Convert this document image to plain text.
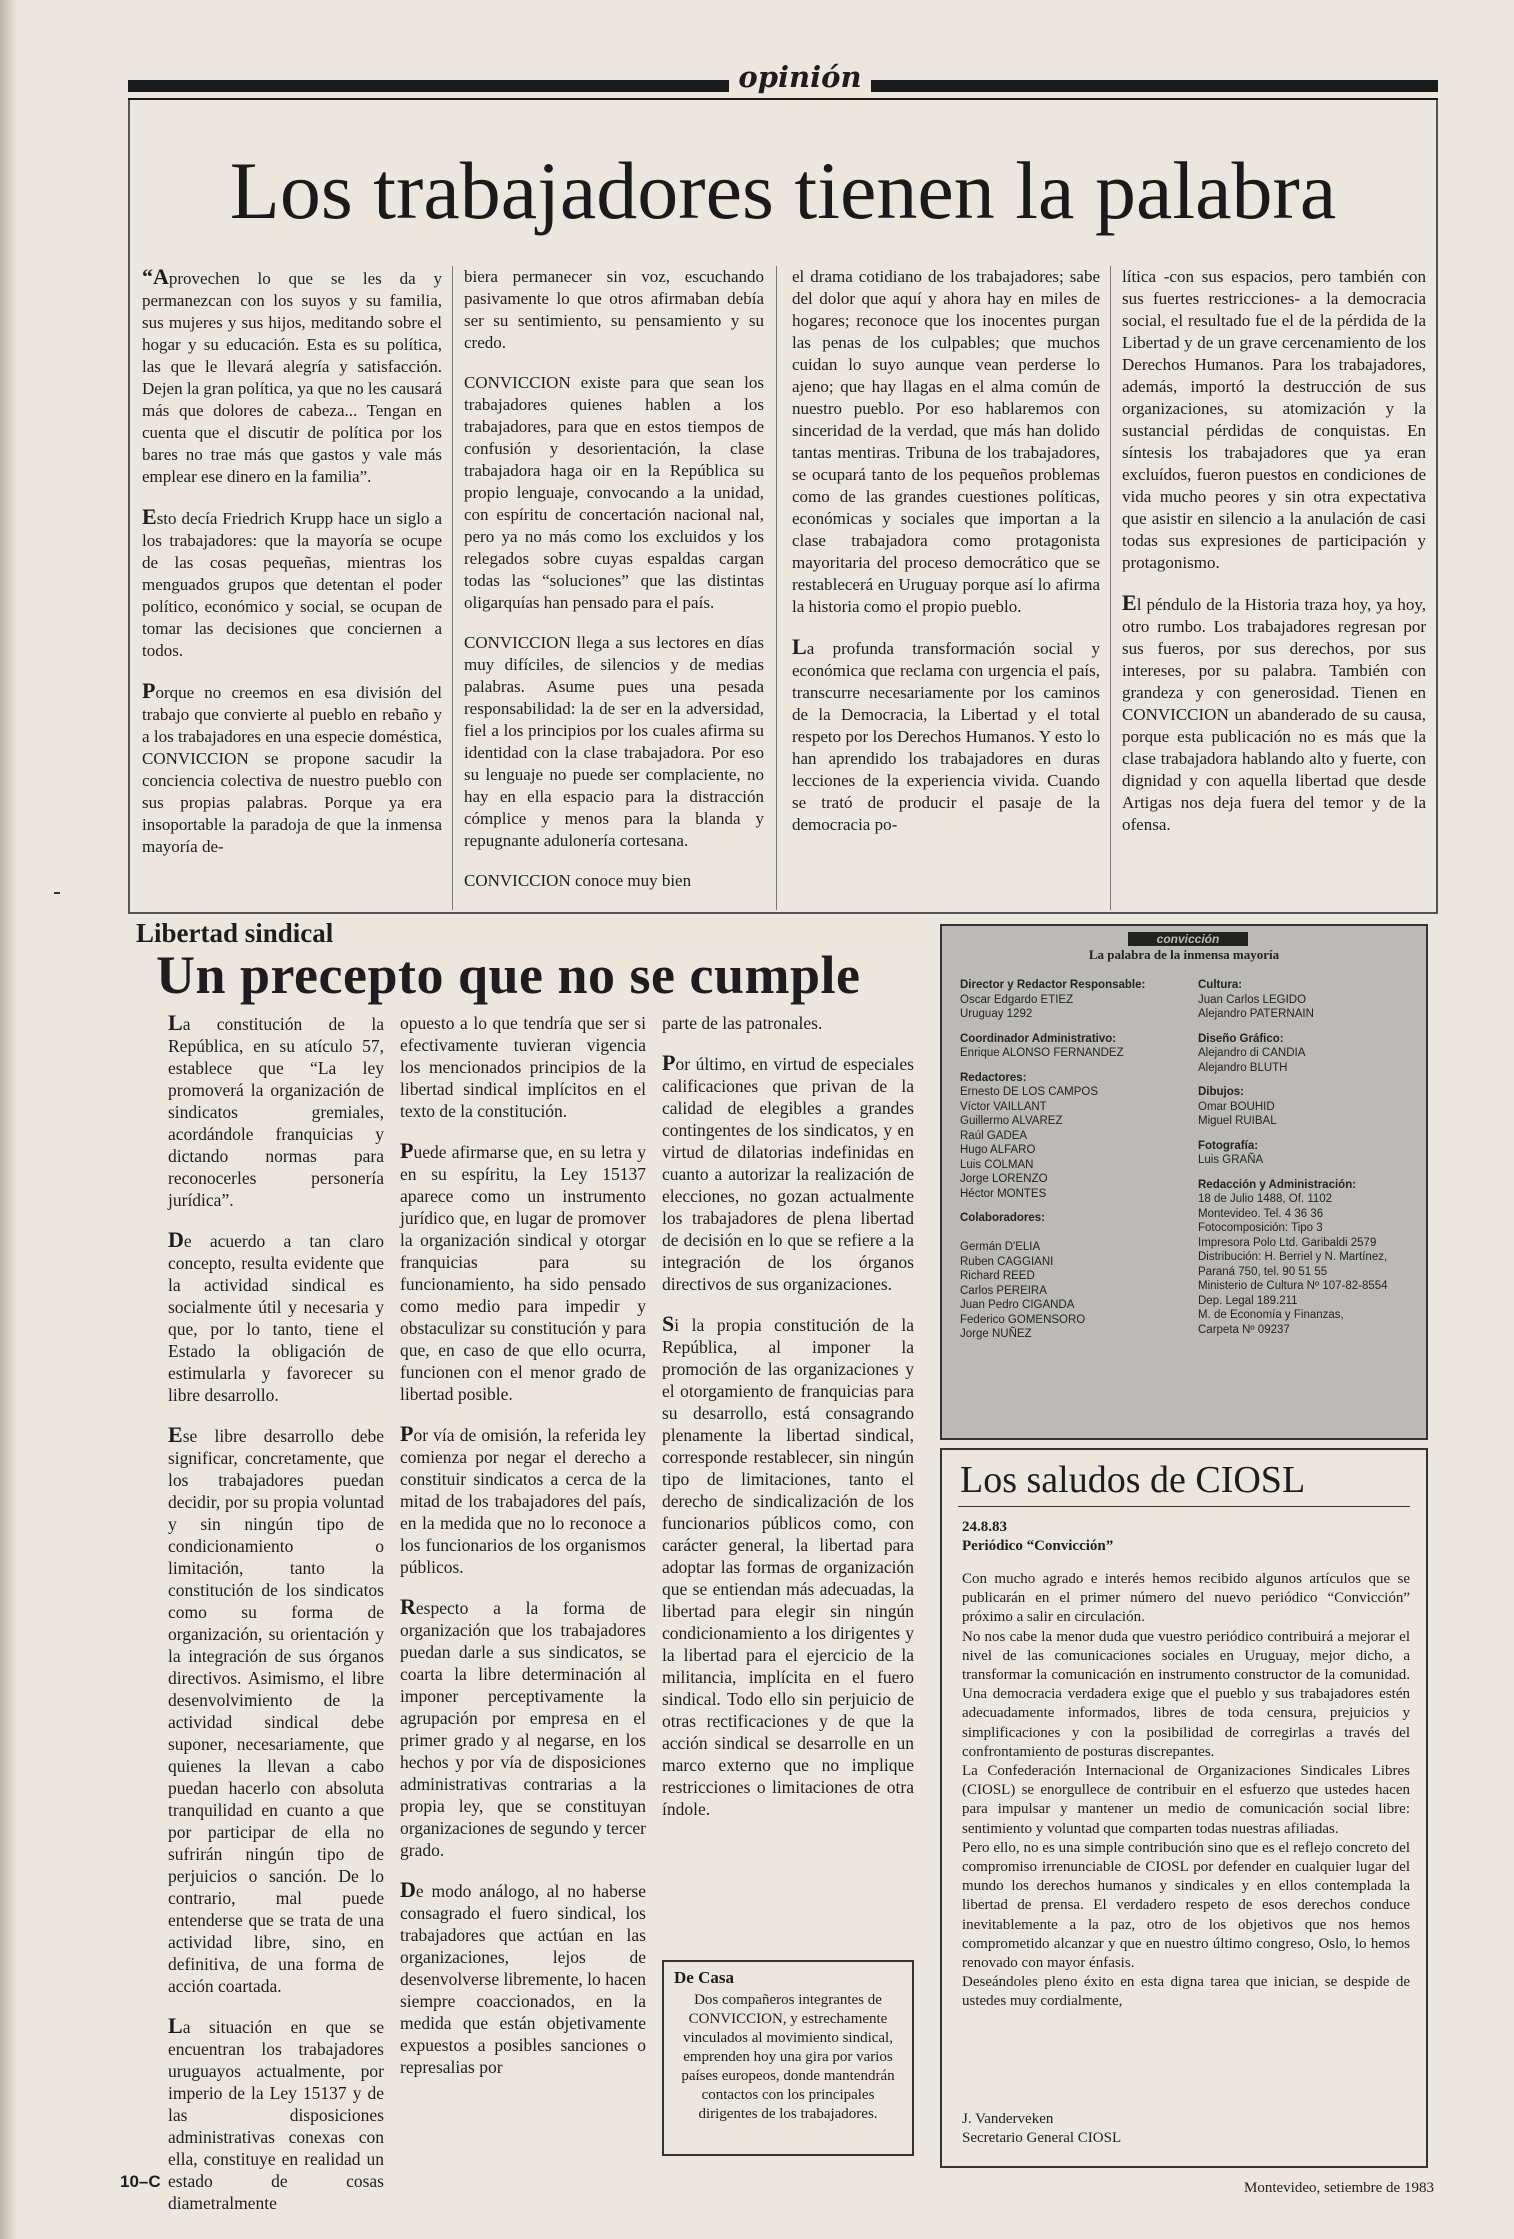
opinión
Los trabajadores tienen la palabra

“Aprovechen lo que se les da y permanezcan con los suyos y su familia, sus mujeres y sus hijos, meditando sobre el hogar y su educación. Esta es su política, las que le llevará alegría y satisfacción. Dejen la gran política, ya que no les causará más que dolores de cabeza... Tengan en cuenta que el discutir de política por los bares no trae más que gastos y vale más emplear ese dinero en la familia”.

Esto decía Friedrich Krupp hace un siglo a los trabajadores: que la mayoría se ocupe de las cosas pequeñas, mientras los menguados grupos que detentan el poder político, económico y social, se ocupan de tomar las decisiones que conciernen a todos.

Porque no creemos en esa división del trabajo que convierte al pueblo en rebaño y a los trabajadores en una especie doméstica, CONVICCION se propone sacudir la conciencia colectiva de nuestro pueblo con sus propias palabras. Porque ya era insoportable la paradoja de que la inmensa mayoría de-

biera permanecer sin voz, escuchando pasivamente lo que otros afirmaban debía ser su sentimiento, su pensamiento y su credo.

CONVICCION existe para que sean los trabajadores quienes hablen a los trabajadores, para que en estos tiempos de confusión y desorientación, la clase trabajadora haga oir en la República su propio lenguaje, convocando a la unidad, con espíritu de concertación nacional nal, pero ya no más como los excluidos y los relegados sobre cuyas espaldas cargan todas las “soluciones” que las distintas oligarquías han pensado para el país.

CONVICCION llega a sus lectores en días muy difíciles, de silencios y de medias palabras. Asume pues una pesada responsabilidad: la de ser en la adversidad, fiel a los principios por los cuales afirma su identidad con la clase trabajadora. Por eso su lenguaje no puede ser complaciente, no hay en ella espacio para la distracción cómplice y menos para la blanda y repugnante adulonería cortesana.

CONVICCION conoce muy bien

el drama cotidiano de los trabajadores; sabe del dolor que aquí y ahora hay en miles de hogares; reconoce que los inocentes purgan las penas de los culpables; que muchos cuidan lo suyo aunque vean perderse lo ajeno; que hay llagas en el alma común de nuestro pueblo. Por eso hablaremos con sinceridad de la verdad, que más han dolido tantas mentiras. Tribuna de los trabajadores, se ocupará tanto de los pequeños problemas como de las grandes cuestiones políticas, económicas y sociales que importan a la clase trabajadora como protagonista mayoritaria del proceso democrático que se restablecerá en Uruguay porque así lo afirma la historia como el propio pueblo.

La profunda transformación social y económica que reclama con urgencia el país, transcurre necesariamente por los caminos de la Democracia, la Libertad y el total respeto por los Derechos Humanos. Y esto lo han aprendido los trabajadores en duras lecciones de la experiencia vivida. Cuando se trató de producir el pasaje de la democracia po-

lítica -con sus espacios, pero también con sus fuertes restricciones- a la democracia social, el resultado fue el de la pérdida de la Libertad y de un grave cercenamiento de los Derechos Humanos. Para los trabajadores, además, importó la destrucción de sus organizaciones, su atomización y la sustancial pérdidas de conquistas. En síntesis los trabajadores que ya eran excluídos, fueron puestos en condiciones de vida mucho peores y sin otra expectativa que asistir en silencio a la anulación de casi todas sus expresiones de participación y protagonismo.

El péndulo de la Historia traza hoy, ya hoy, otro rumbo. Los trabajadores regresan por sus fueros, por sus derechos, por sus intereses, por su palabra. También con grandeza y con generosidad. Tienen en CONVICCION un abanderado de su causa, porque esta publicación no es más que la clase trabajadora hablando alto y fuerte, con dignidad y con aquella libertad que desde Artigas nos deja fuera del temor y de la ofensa.

Libertad sindical
Un precepto que no se cumple

La constitución de la República, en su atículo 57, establece que “La ley promoverá la organización de sindicatos gremiales, acordándole franquicias y dictando normas para reconocerles personería jurídica”.

De acuerdo a tan claro concepto, resulta evidente que la actividad sindical es socialmente útil y necesaria y que, por lo tanto, tiene el Estado la obligación de estimularla y favorecer su libre desarrollo.

Ese libre desarrollo debe significar, concretamente, que los trabajadores puedan decidir, por su propia voluntad y sin ningún tipo de condicionamiento o limitación, tanto la constitución de los sindicatos como su forma de organización, su orientación y la integración de sus órganos directivos. Asimismo, el libre desenvolvimiento de la actividad sindical debe suponer, necesariamente, que quienes la llevan a cabo puedan hacerlo con absoluta tranquilidad en cuanto a que por participar de ella no sufrirán ningún tipo de perjuicios o sanción. De lo contrario, mal puede entenderse que se trata de una actividad libre, sino, en definitiva, de una forma de acción coartada.

La situación en que se encuentran los trabajadores uruguayos actualmente, por imperio de la Ley 15137 y de las disposiciones administrativas conexas con ella, constituye en realidad un estado de cosas diametralmente

opuesto a lo que tendría que ser si efectivamente tuvieran vigencia los mencionados principios de la libertad sindical implícitos en el texto de la constitución.

Puede afirmarse que, en su letra y en su espíritu, la Ley 15137 aparece como un instrumento jurídico que, en lugar de promover la organización sindical y otorgar franquicias para su funcionamiento, ha sido pensado como medio para impedir y obstaculizar su constitución y para que, en caso de que ello ocurra, funcionen con el menor grado de libertad posible.

Por vía de omisión, la referida ley comienza por negar el derecho a constituir sindicatos a cerca de la mitad de los trabajadores del país, en la medida que no lo reconoce a los funcionarios de los organismos públicos.

Respecto a la forma de organización que los trabajadores puedan darle a sus sindicatos, se coarta la libre determinación al imponer perceptivamente la agrupación por empresa en el primer grado y al negarse, en los hechos y por vía de disposiciones administrativas contrarias a la propia ley, que se constituyan organizaciones de segundo y tercer grado.

De modo análogo, al no haberse consagrado el fuero sindical, los trabajadores que actúan en las organizaciones, lejos de desenvolverse libremente, lo hacen siempre coaccionados, en la medida que están objetivamente expuestos a posibles sanciones o represalias por

parte de las patronales.

Por último, en virtud de especiales calificaciones que privan de la calidad de elegibles a grandes contingentes de los sindicatos, y en virtud de dilatorias indefinidas en cuanto a autorizar la realización de elecciones, no gozan actualmente los trabajadores de plena libertad de decisión en lo que se refiere a la integración de los órganos directivos de sus organizaciones.

Si la propia constitución de la República, al imponer la promoción de las organizaciones y el otorgamiento de franquicias para su desarrollo, está consagrando plenamente la libertad sindical, corresponde restablecer, sin ningún tipo de limitaciones, tanto el derecho de sindicalización de los funcionarios públicos como, con carácter general, la libertad para adoptar las formas de organización que se entiendan más adecuadas, la libertad para elegir sin ningún condicionamiento a los dirigentes y la libertad para el ejercicio de la militancia, implícita en el fuero sindical. Todo ello sin perjuicio de otras rectificaciones y de que la acción sindical se desarrolle en un marco externo que no implique restricciones o limitaciones de otra índole.

De Casa
Dos compañeros integrantes de CONVICCION, y estrechamente vinculados al movimiento sindical, emprenden hoy una gira por varios países europeos, donde mantendrán contactos con los principales dirigentes de los trabajadores.
convicción
La palabra de la inmensa mayoría
Director y Redactor Responsable:
Oscar Edgardo ETIEZ
Uruguay 1292
Coordinador Administrativo:
Enrique ALONSO FERNANDEZ
Redactores:
Ernesto DE LOS CAMPOS
Víctor VAILLANT
Guillermo ALVAREZ
Raúl GADEA
Hugo ALFARO
Luis COLMAN
Jorge LORENZO
Héctor MONTES
Colaboradores:

Germán D'ELIA
Ruben CAGGIANI
Richard REED
Carlos PEREIRA
Juan Pedro CIGANDA
Federico GOMENSORO
Jorge NUÑEZ
Cultura:
Juan Carlos LEGIDO
Alejandro PATERNAIN
Diseño Gráfico:
Alejandro di CANDIA
Alejandro BLUTH
Dibujos:
Omar BOUHID
Miguel RUIBAL
Fotografía:
Luis GRAÑA
Redacción y Administración:
18 de Julio 1488, Of. 1102
Montevideo. Tel. 4 36 36
Fotocomposición: Tipo 3
Impresora Polo Ltd. Garibaldi 2579
Distribución: H. Berriel y N. Martínez,
Paraná 750, tel. 90 51 55
Ministerio de Cultura Nº 107-82-8554
Dep. Legal 189.211
M. de Economía y Finanzas,
Carpeta Nº 09237
Los saludos de CIOSL
24.8.83
Periódico “Convicción”

Con mucho agrado e interés hemos recibido algunos artículos que se publicarán en el primer número del nuevo periódico “Convicción” próximo a salir en circulación.

No nos cabe la menor duda que vuestro periódico contribuirá a mejorar el nivel de las comunicaciones sociales en Uruguay, mejor dicho, a transformar la comunicación en instrumento constructor de la comunidad. Una democracia verdadera exige que el pueblo y sus trabajadores estén adecuadamente informados, libres de toda censura, prejuicios y simplificaciones y con la posibilidad de corregirlas a través del confrontamiento de posturas discrepantes.

La Confederación Internacional de Organizaciones Sindicales Libres (CIOSL) se enorgullece de contribuir en el esfuerzo que ustedes hacen para impulsar y mantener un medio de comunicación social libre: sentimiento y voluntad que comparten todas nuestras afiliadas.

Pero ello, no es una simple contribución sino que es el reflejo concreto del compromiso irrenunciable de CIOSL por defender en cualquier lugar del mundo los derechos humanos y sindicales y en ellos contemplada la libertad de prensa. El verdadero respeto de esos derechos conduce inevitablemente a la paz, otro de los objetivos que nos hemos comprometido alcanzar y que en nuestro último congreso, Oslo, lo hemos renovado con mayor énfasis.

Deseándoles pleno éxito en esta digna tarea que inician, se despide de ustedes muy cordialmente,

J. Vanderveken
Secretario General CIOSL
10–C	Montevideo, setiembre de 1983
